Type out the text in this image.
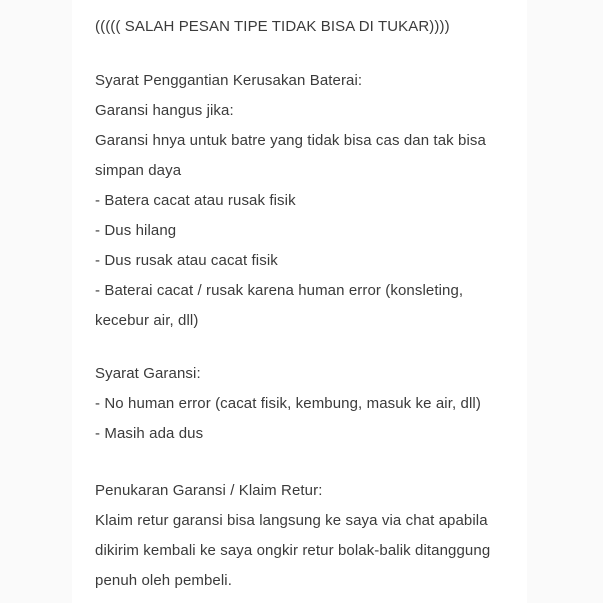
((((( SALAH PESAN TIPE TIDAK BISA DI TUKAR))))
Syarat Penggantian Kerusakan Baterai:
Garansi hangus jika:
Garansi hnya untuk batre yang tidak bisa cas dan tak bisa
simpan daya
- Batera cacat atau rusak fisik
- Dus hilang
- Dus rusak atau cacat fisik
- Baterai cacat / rusak karena human error (konsleting,
kecebur air, dll)
Syarat Garansi:
- No human error (cacat fisik, kembung, masuk ke air, dll)
- Masih ada dus
Penukaran Garansi / Klaim Retur:
Klaim retur garansi bisa langsung ke saya via chat apabila
dikirim kembali ke saya ongkir retur bolak-balik ditanggung
penuh oleh pembeli.
